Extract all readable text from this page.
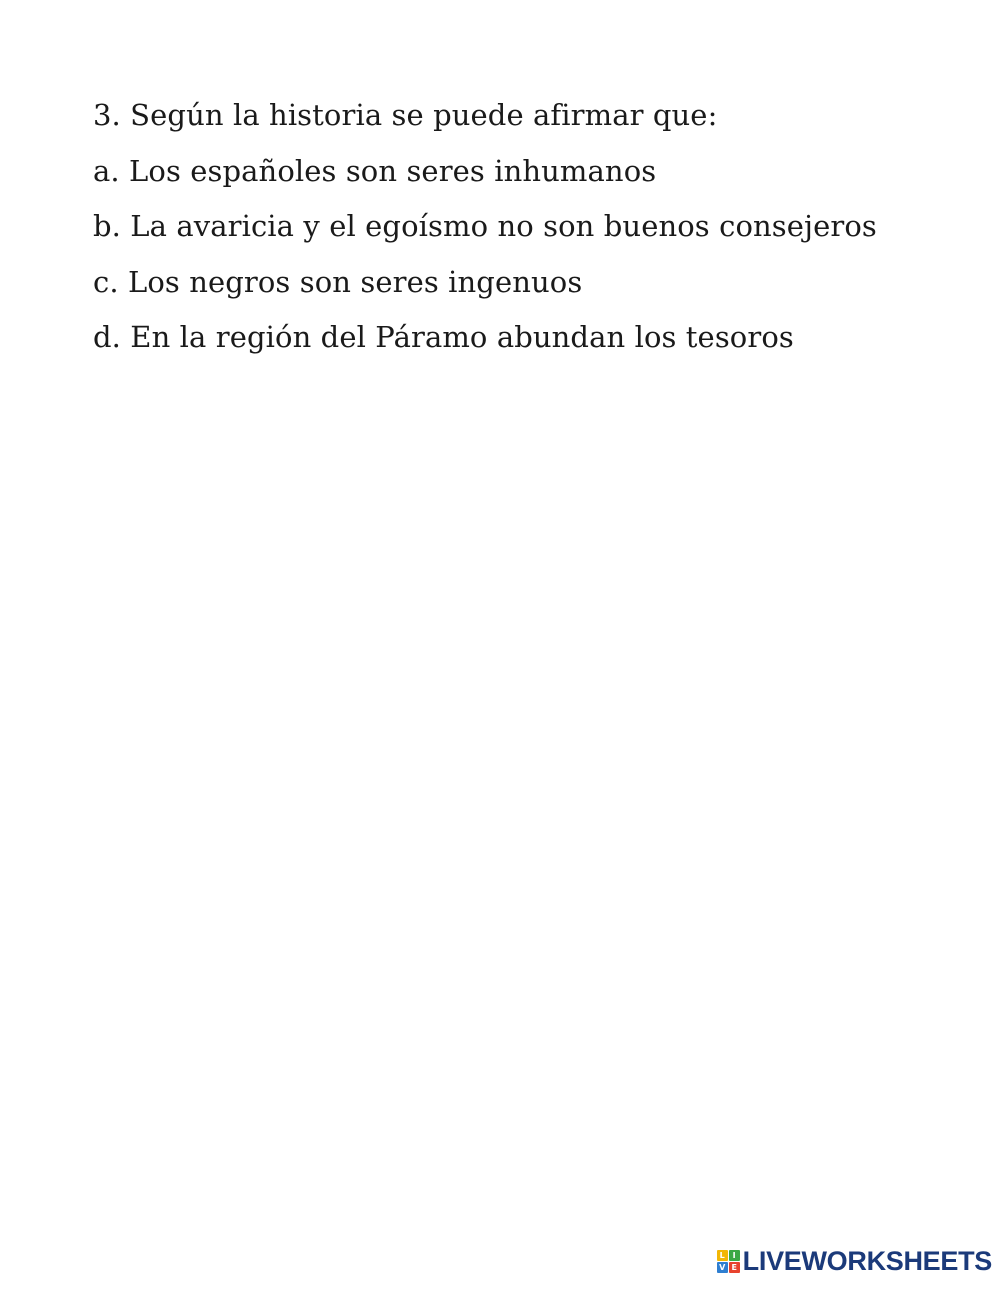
3. Según la historia se puede afirmar que:
a. Los españoles son seres inhumanos
b. La avaricia y el egoísmo no son buenos consejeros
c. Los negros son seres ingenuos
d. En la región del Páramo abundan los tesoros
L I
V E LIVEWORKSHEETS
